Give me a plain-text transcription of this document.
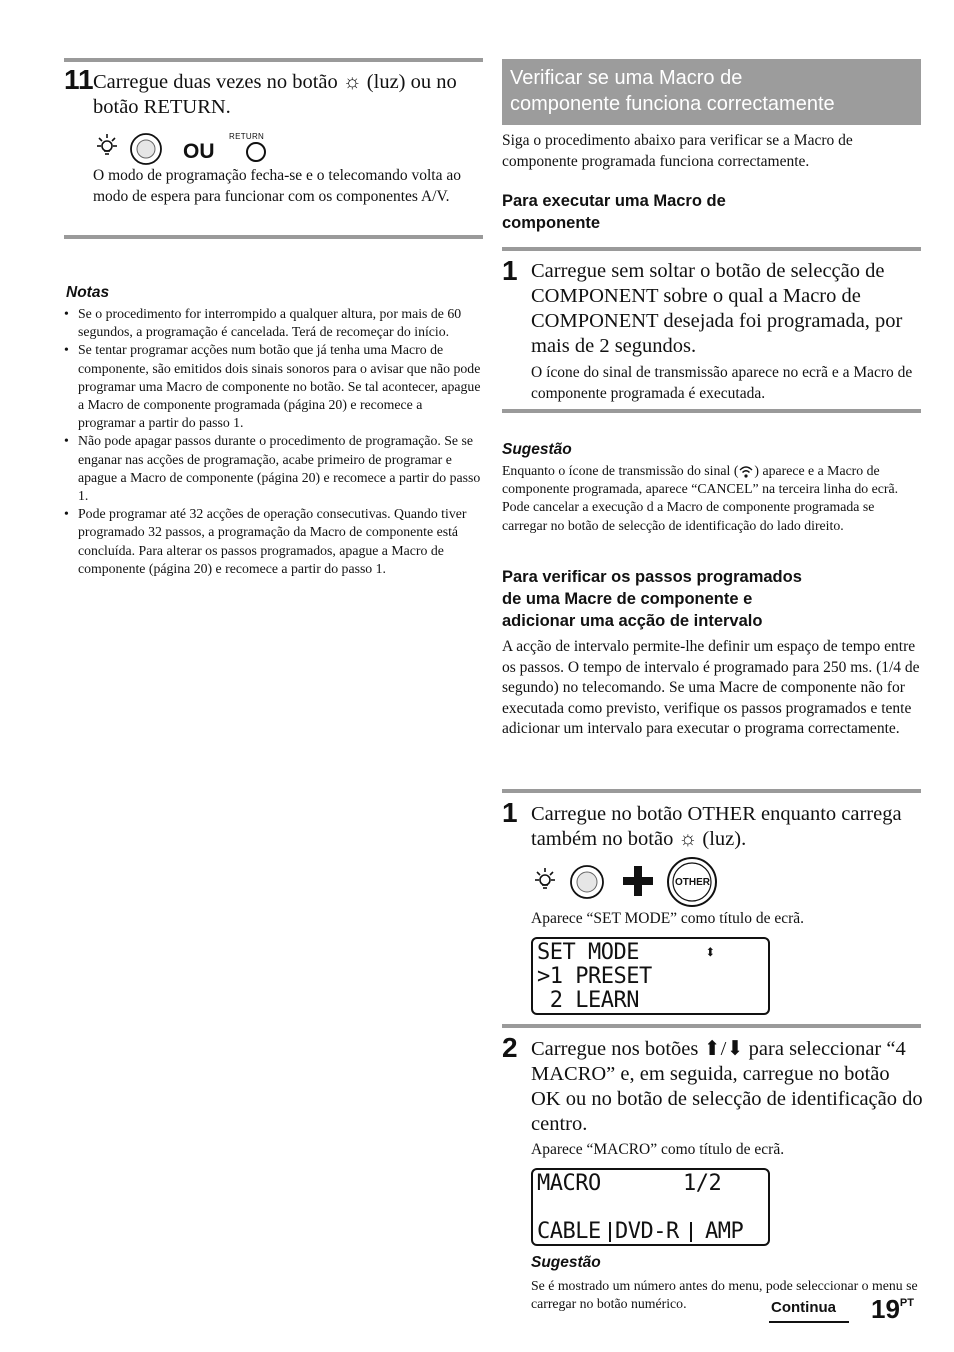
11 Carregue duas vezes no botão ☼ (luz) ou no botão RETURN.
OU
RETURN
O modo de programação fecha-se e o telecomando volta ao modo de espera para funcionar com os componentes A/V.
Notas
• Se o procedimento for interrompido a qualquer altura, por mais de 60 segundos, a programação é cancelada. Terá de recomeçar do início.
• Se tentar programar acções num botão que já tenha uma Macro de componente, são emitidos dois sinais sonoros para o avisar que não pode programar uma Macro de componente no botão. Se tal acontecer, apague a Macro de componente programada (página 20) e recomece a programar a partir do passo 1.
• Não pode apagar passos durante o procedimento de programação. Se se enganar nas acções de programação, acabe primeiro de programar e apague a Macro de componente (página 20) e recomece a partir do passo 1.
• Pode programar até 32 acções de operação consecutivas. Quando tiver programado 32 passos, a programação da Macro de componente está concluída. Para alterar os passos programados, apague a Macro de componente (página 20) e recomece a partir do passo 1.
Verificar se uma Macro de
componente funciona correctamente
Siga o procedimento abaixo para verificar se a Macro de componente programada funciona correctamente.
Para executar uma Macro de
componente
1 Carregue sem soltar o botão de selecção de COMPONENT sobre o qual a Macro de COMPONENT desejada foi programada, por mais de 2 segundos.
O ícone do sinal de transmissão aparece no ecrã e a Macro de componente programada é executada.
Sugestão
Enquanto o ícone de transmissão do sinal ( ) aparece e a Macro de componente programada, aparece “CANCEL” na terceira linha do ecrã. Pode cancelar a execução d a Macro de componente programada se carregar no botão de selecção de identificação do lado direito.
Para verificar os passos programados
de uma Macre de componente e
adicionar uma acção de intervalo
A acção de intervalo permite-lhe definir um espaço de tempo entre os passos. O tempo de intervalo é programado para 250 ms. (1/4 de segundo) no telecomando. Se uma Macre de componente não for executada como previsto, verifique os passos programados e tente adicionar um intervalo para executar o programa correctamente.
1 Carregue no botão OTHER enquanto carrega também no botão ☼ (luz).
OTHER
Aparece “SET MODE” como título de ecrã.
SET MODE
>1 PRESET
2 LEARN
⬍
2 Carregue nos botões ⬆/⬇ para seleccionar “4 MACRO” e, em seguida, carregue no botão OK ou no botão de selecção de identificação do centro.
Aparece “MACRO” como título de ecrã.
MACRO	1/2
CABLE DVD-R AMP
Sugestão
Se é mostrado um número antes do menu, pode seleccionar o menu se carregar no botão numérico.	Continua $19^{PT}$
